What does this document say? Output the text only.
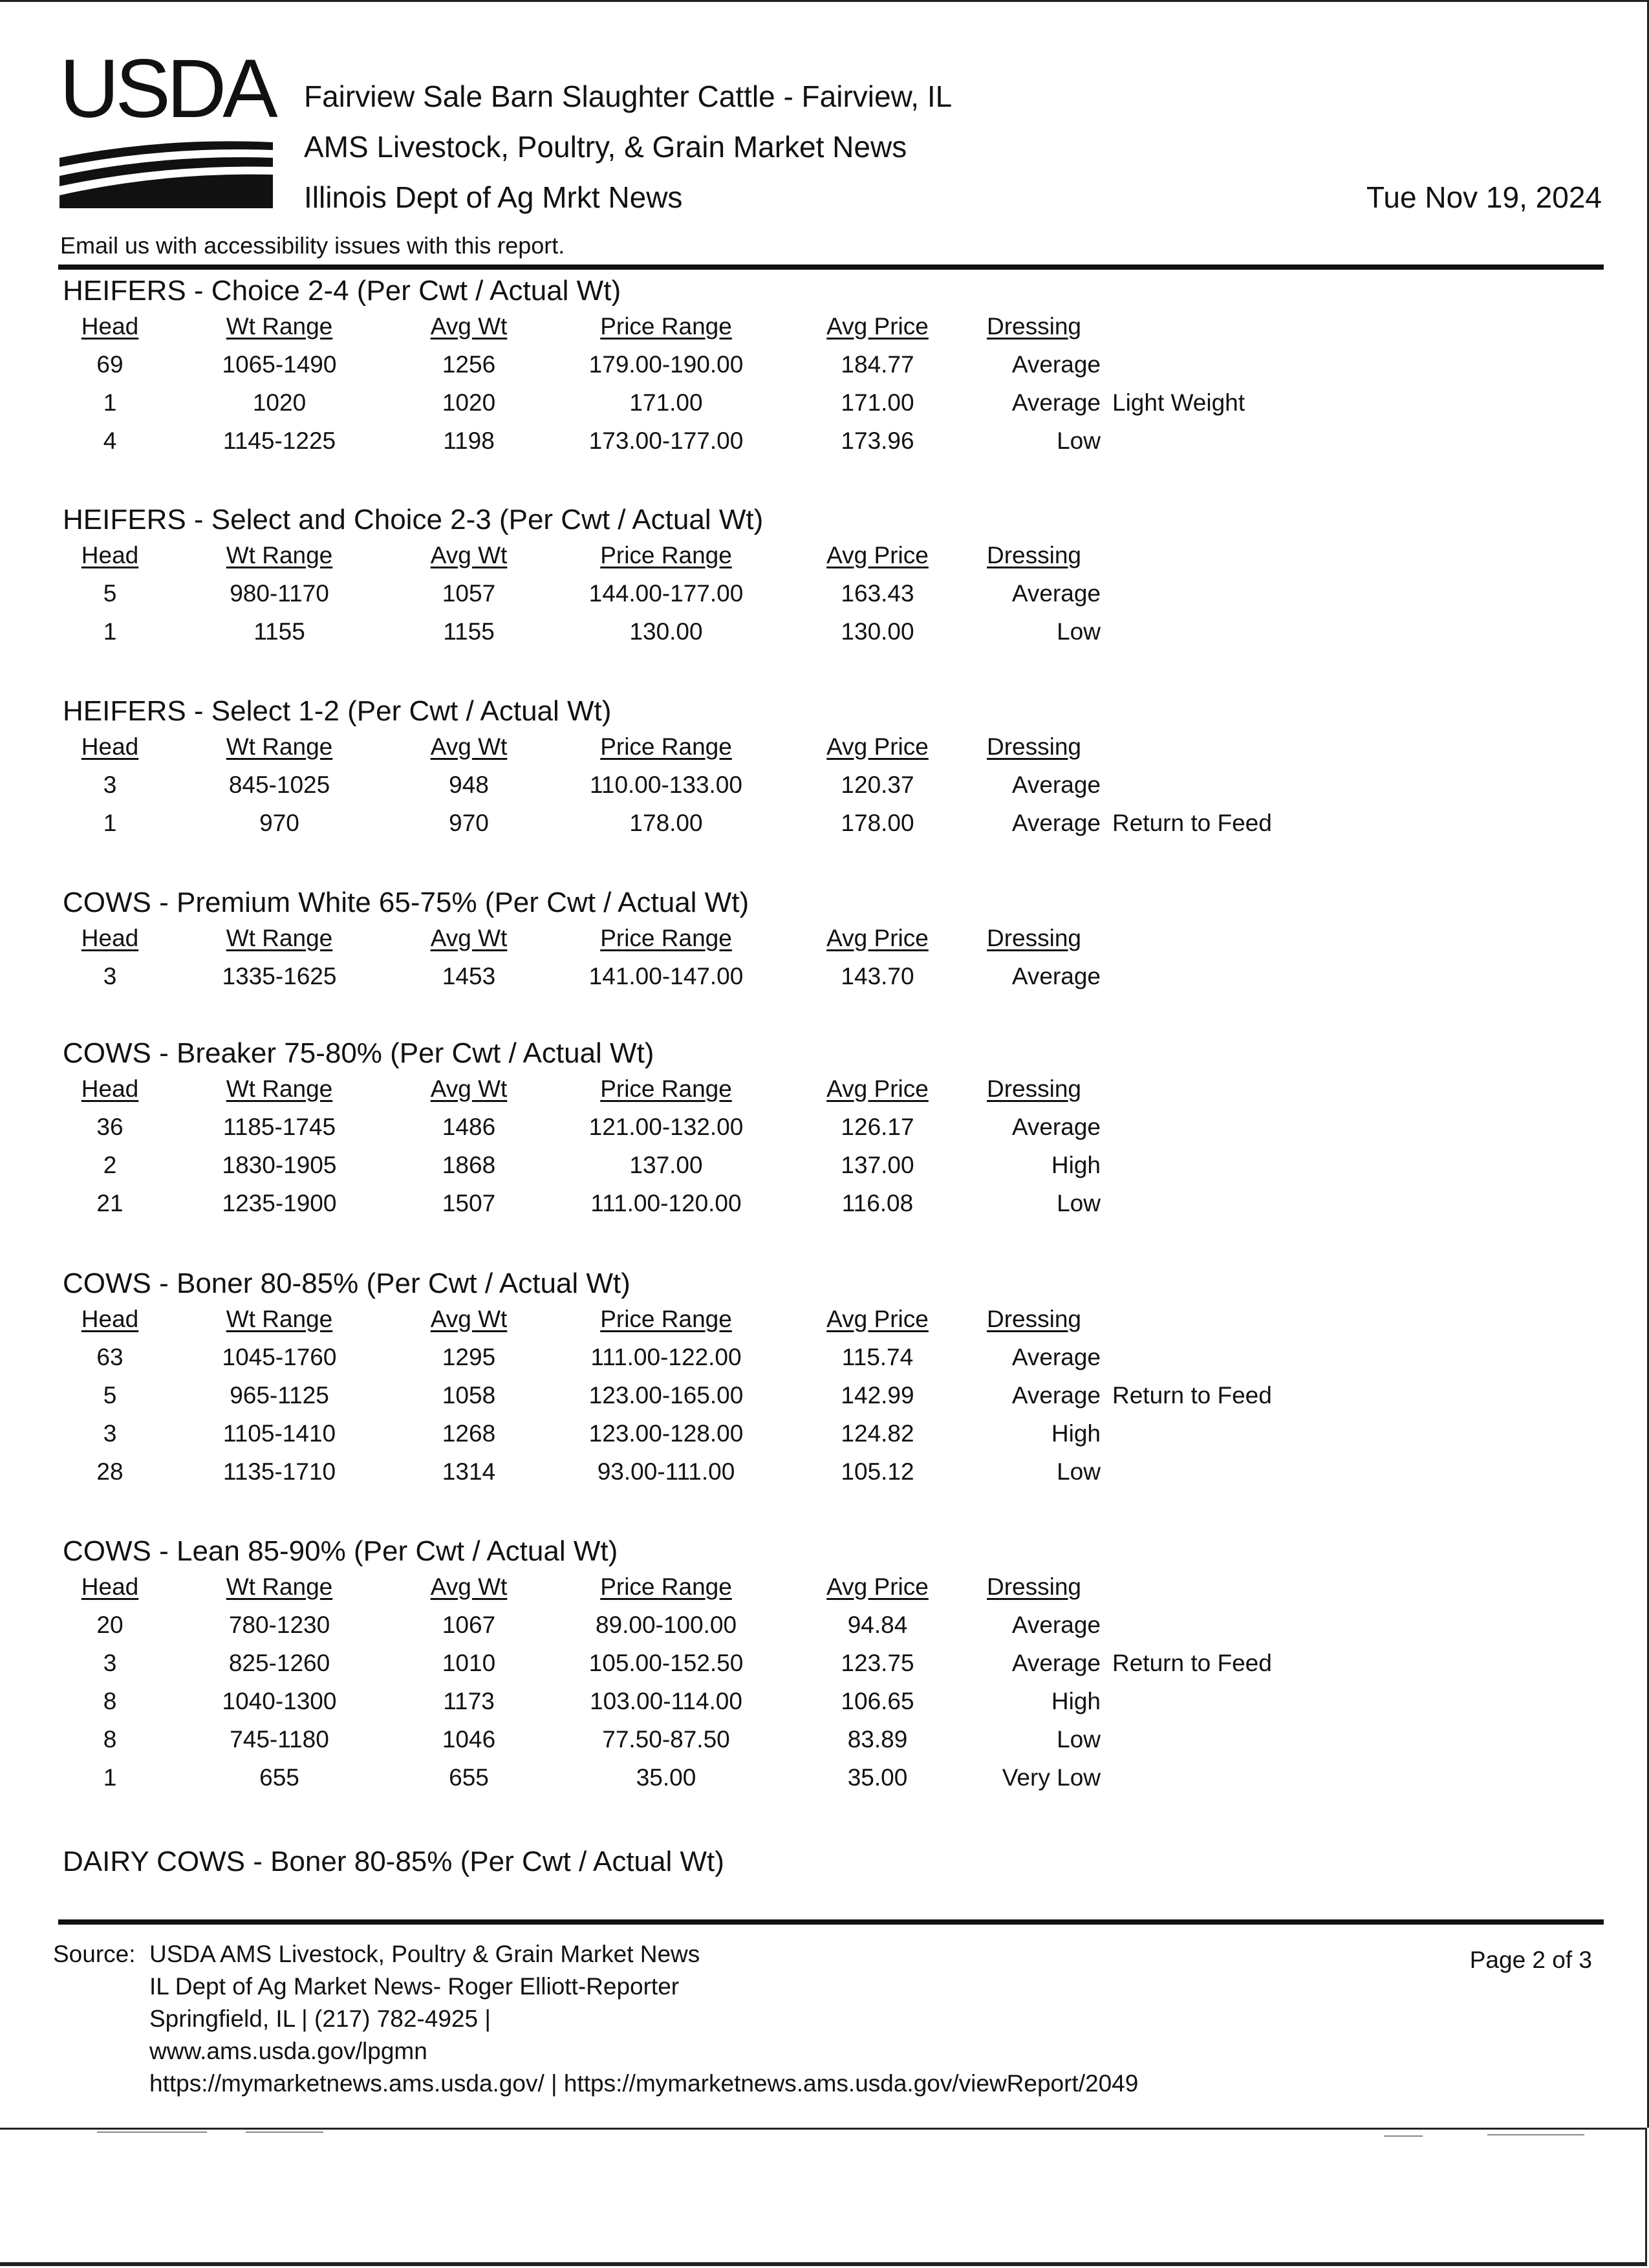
USDA Fairview Sale Barn Slaughter Cattle - Fairview, IL

AMS Livestock, Poultry, & Grain Market News

Illinois Dept of Ag Mrkt News	Tue Nov 19, 2024

Email us with accessibility issues with this report.

HEIFERS - Choice 2-4 (Per Cwt / Actual Wt)

Head	Wt Range	Avg Wt	Price Range	Avg Price Dressing
69	1065-1490	1256	179.00-190.00	184.77	Average
1	1020	1020	171.00	171.00	Average Light Weight
4	1145-1225	1198	173.00-177.00	173.96	Low

HEIFERS - Select and Choice 2-3 (Per Cwt / Actual Wt)

Head	Wt Range	Avg Wt	Price Range	Avg Price Dressing
5	980-1170	1057	144.00-177.00	163.43	Average
1	1155	1155	130.00	130.00	Low

HEIFERS - Select 1-2 (Per Cwt / Actual Wt)

Head	Wt Range	Avg Wt	Price Range	Avg Price Dressing
3	845-1025	948	110.00-133.00	120.37	Average
1	970	970	178.00	178.00	Average Return to Feed

COWS - Premium White 65-75% (Per Cwt / Actual Wt)

Head	Wt Range	Avg Wt	Price Range	Avg Price Dressing
3	1335-1625	1453	141.00-147.00	143.70	Average

COWS - Breaker 75-80% (Per Cwt / Actual Wt)

Head	Wt Range	Avg Wt	Price Range	Avg Price Dressing
36	1185-1745	1486	121.00-132.00	126.17	Average
2	1830-1905	1868	137.00	137.00	High
21	1235-1900	1507	111.00-120.00	116.08	Low

COWS - Boner 80-85% (Per Cwt / Actual Wt)

Head	Wt Range	Avg Wt	Price Range	Avg Price Dressing
63	1045-1760	1295	111.00-122.00	115.74	Average
5	965-1125	1058	123.00-165.00	142.99	Average Return to Feed
3	1105-1410	1268	123.00-128.00	124.82	High
28	1135-1710	1314	93.00-111.00	105.12	Low

COWS - Lean 85-90% (Per Cwt / Actual Wt)

Head	Wt Range	Avg Wt	Price Range	Avg Price Dressing
20	780-1230	1067	89.00-100.00	94.84	Average
3	825-1260	1010	105.00-152.50	123.75	Average Return to Feed
8	1040-1300	1173	103.00-114.00	106.65	High
8	745-1180	1046	77.50-87.50	83.89	Low
1	655	655	35.00	35.00	Very Low

DAIRY COWS - Boner 80-85% (Per Cwt / Actual Wt)

Source: USDA AMS Livestock, Poultry & Grain Market News

IL Dept of Ag Market News- Roger Elliott-Reporter

Springfield, IL | (217) 782-4925 |

www.ams.usda.gov/lpgmn

https://mymarketnews.ams.usda.gov/ | https://mymarketnews.ams.usda.gov/viewReport/2049

Page 2 of 3
